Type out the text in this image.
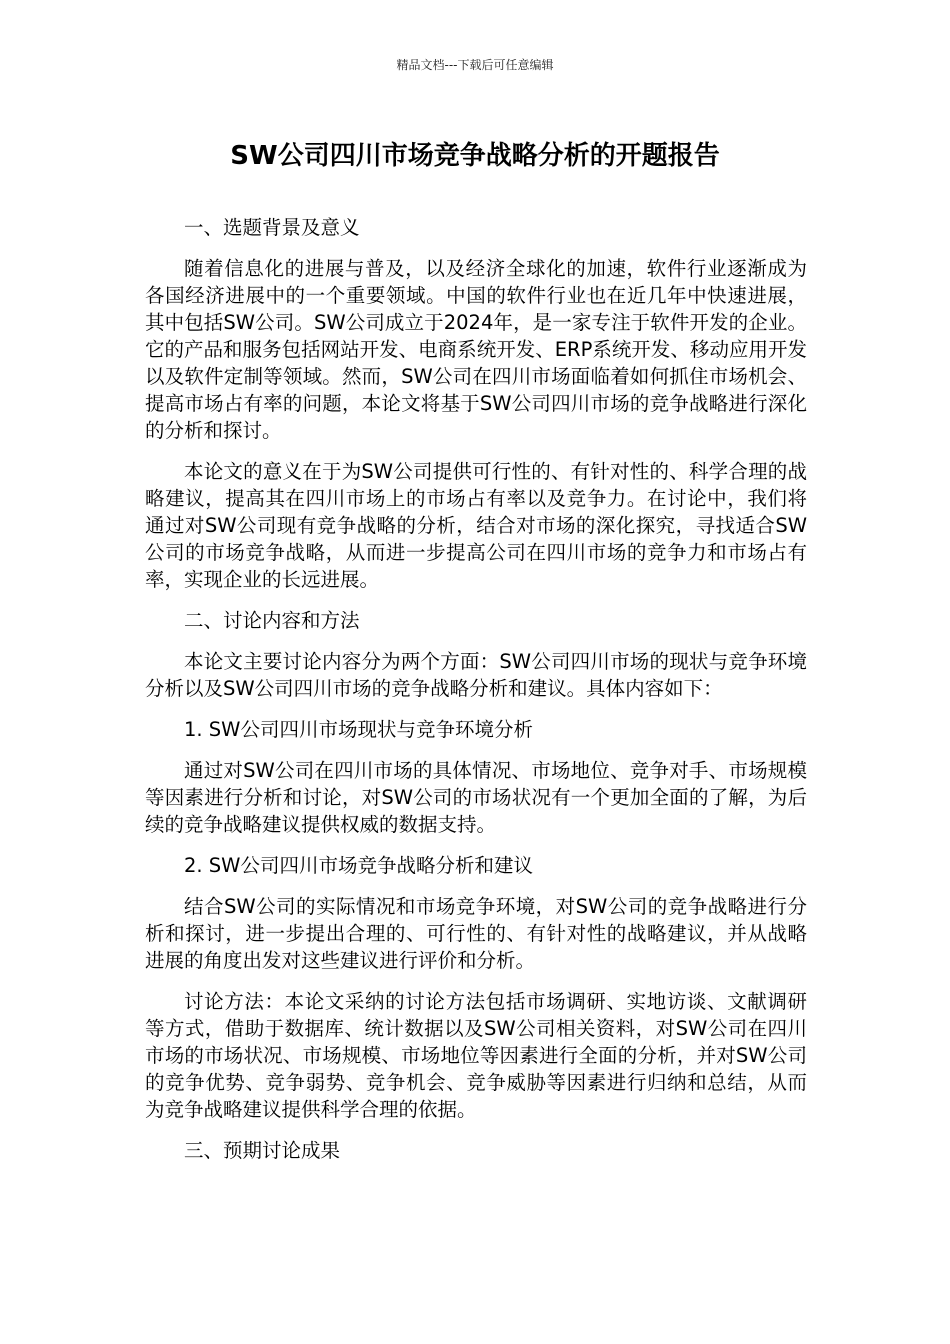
精品文档---下载后可任意编辑
SW公司四川市场竞争战略分析的开题报告

一、选题背景及意义

随着信息化的进展与普及，以及经济全球化的加速，软件行业逐渐成为各国经济进展中的一个重要领域。中国的软件行业也在近几年中快速进展，其中包括SW公司。SW公司成立于2024年，是一家专注于软件开发的企业。它的产品和服务包括网站开发、电商系统开发、ERP系统开发、移动应用开发以及软件定制等领域。然而，SW公司在四川市场面临着如何抓住市场机会、提高市场占有率的问题，本论文将基于SW公司四川市场的竞争战略进行深化的分析和探讨。

本论文的意义在于为SW公司提供可行性的、有针对性的、科学合理的战略建议，提高其在四川市场上的市场占有率以及竞争力。在讨论中，我们将通过对SW公司现有竞争战略的分析，结合对市场的深化探究，寻找适合SW公司的市场竞争战略，从而进一步提高公司在四川市场的竞争力和市场占有率，实现企业的长远进展。

二、讨论内容和方法

本论文主要讨论内容分为两个方面：SW公司四川市场的现状与竞争环境分析以及SW公司四川市场的竞争战略分析和建议。具体内容如下：

1. SW公司四川市场现状与竞争环境分析

通过对SW公司在四川市场的具体情况、市场地位、竞争对手、市场规模等因素进行分析和讨论，对SW公司的市场状况有一个更加全面的了解，为后续的竞争战略建议提供权威的数据支持。

2. SW公司四川市场竞争战略分析和建议

结合SW公司的实际情况和市场竞争环境，对SW公司的竞争战略进行分析和探讨，进一步提出合理的、可行性的、有针对性的战略建议，并从战略进展的角度出发对这些建议进行评价和分析。

讨论方法：本论文采纳的讨论方法包括市场调研、实地访谈、文献调研等方式，借助于数据库、统计数据以及SW公司相关资料，对SW公司在四川市场的市场状况、市场规模、市场地位等因素进行全面的分析，并对SW公司的竞争优势、竞争弱势、竞争机会、竞争威胁等因素进行归纳和总结，从而为竞争战略建议提供科学合理的依据。

三、预期讨论成果
